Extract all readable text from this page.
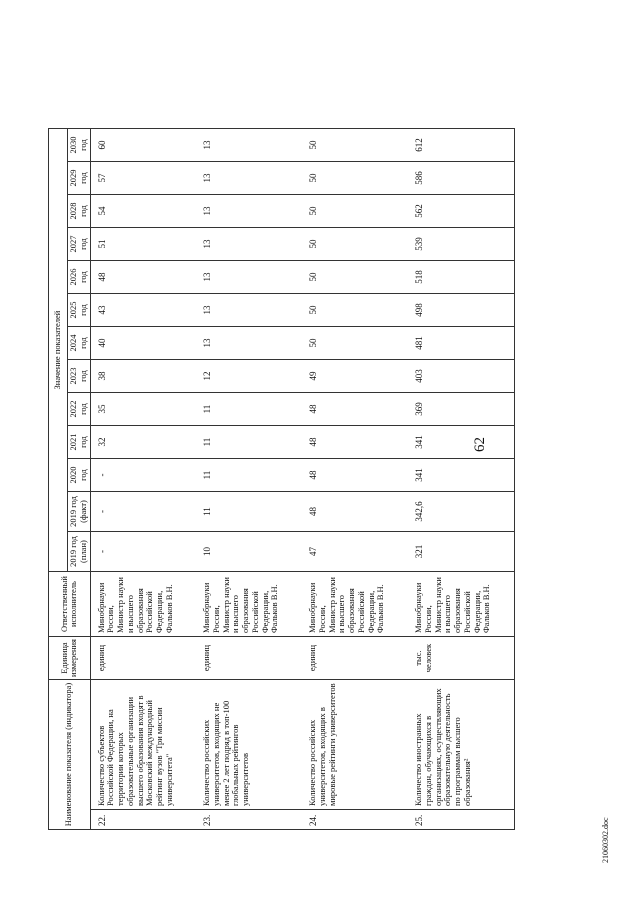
62
21060302.doc
Наименование показателя (индикатора)		Единица измерения	Ответственный исполнитель	Значение показателей												
				2019 год (план)	2019 год (факт)	2020 год	2021 год	2022 год	2023 год	2024 год	2025 год	2026 год	2027 год	2028 год	2029 год	2030 год
22.	Количество субъектов Российской Федерации, на территории которых образовательные организации высшего образования входят в Московский международный рейтинг вузов "Три миссии университета"	единиц	Минобрнауки России, Министр науки и высшего образования Российской Федерации, Фальков В.Н.	-	-	-	32	35	38	40	43	48	51	54	57	60
23.	Количество российских университетов, входящих не менее 2 лет подряд в топ-100 глобальных рейтингов университетов	единиц	Минобрнауки России, Министр науки и высшего образования Российской Федерации, Фальков В.Н.	10	11	11	11	11	12	13	13	13	13	13	13	13
24.	Количество российских университетов, входящих в мировые рейтинги университетов	единиц	Минобрнауки России, Министр науки и высшего образования Российской Федерации, Фальков В.Н.	47	48	48	48	48	49	50	50	50	50	50	50	50
25.	Количество иностранных граждан, обучающихся в организациях, осуществляющих образовательную деятельность по программам высшего образования²	тыс. человек	Минобрнауки России, Министр науки и высшего образования Российской Федерации, Фальков В.Н.	321	342,6	341	341	369	403	481	498	518	539	562	586	612
